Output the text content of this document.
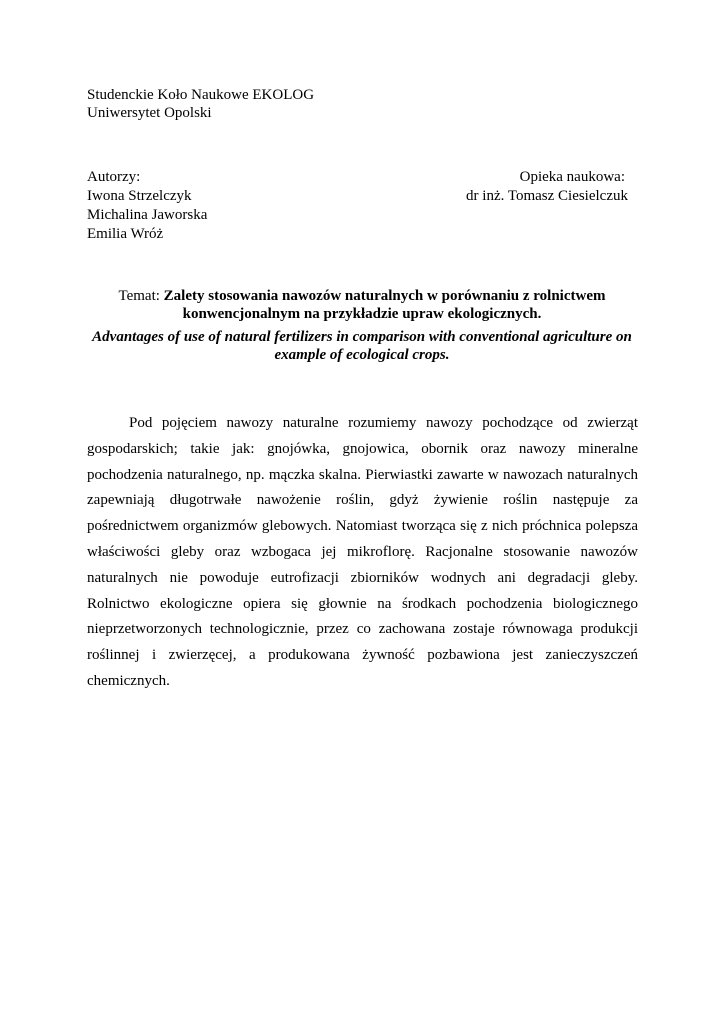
Studenckie Koło Naukowe EKOLOG
Uniwersytet Opolski
Autorzy:
Iwona Strzelczyk
Michalina Jaworska
Emilia Wróż
Opieka naukowa:
dr inż. Tomasz Ciesielczuk
Temat: Zalety stosowania nawozów naturalnych w porównaniu z rolnictwem konwencjonalnym na przykładzie upraw ekologicznych.
Advantages of use of natural fertilizers in comparison with conventional agriculture on example of ecological crops.

Pod pojęciem nawozy naturalne rozumiemy nawozy pochodzące od zwierząt gospodarskich; takie jak: gnojówka, gnojowica, obornik oraz nawozy mineralne pochodzenia naturalnego, np. mączka skalna. Pierwiastki zawarte w nawozach naturalnych zapewniają długotrwałe nawożenie roślin, gdyż żywienie roślin następuje za pośrednictwem organizmów glebowych. Natomiast tworząca się z nich próchnica polepsza właściwości gleby oraz wzbogaca jej mikroflorę. Racjonalne stosowanie nawozów naturalnych nie powoduje eutrofizacji zbiorników wodnych ani degradacji gleby. Rolnictwo ekologiczne opiera się głownie na środkach pochodzenia biologicznego nieprzetworzonych technologicznie, przez co zachowana zostaje równowaga produkcji roślinnej i zwierzęcej, a produkowana żywność pozbawiona jest zanieczyszczeń chemicznych.
